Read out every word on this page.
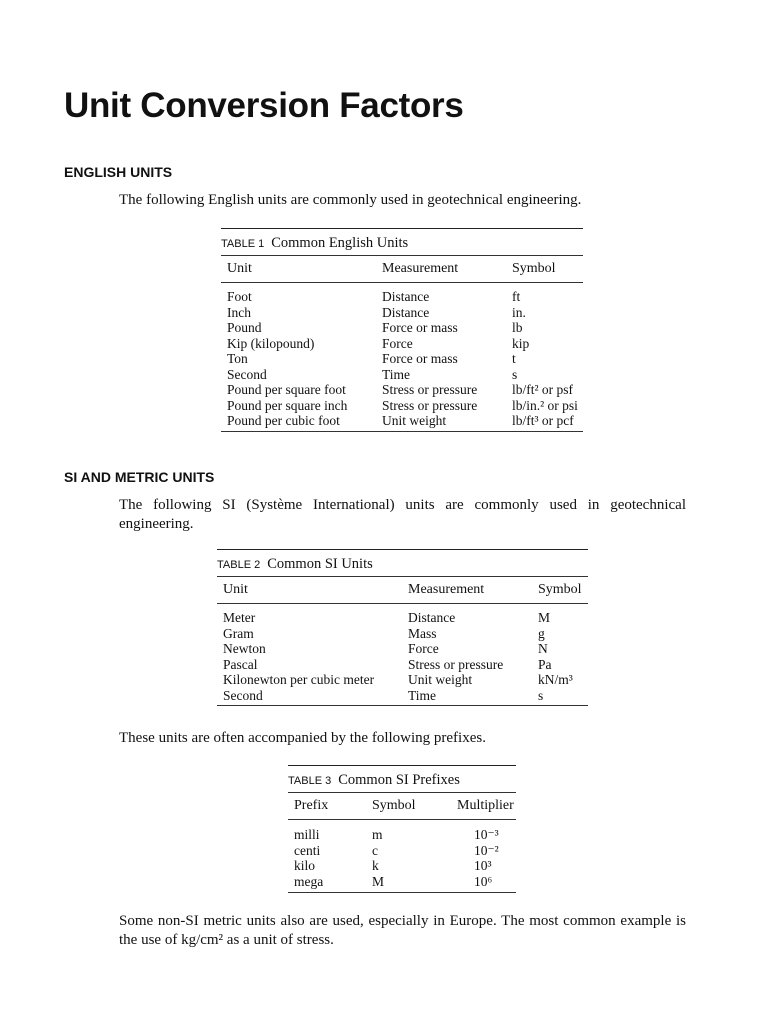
Unit Conversion Factors
ENGLISH UNITS

The following English units are commonly used in geotechnical engineering.

TABLE 1 Common English Units
Unit	Measurement	Symbol
Foot	Distance	ft
Inch	Distance	in.
Pound	Force or mass	lb
Kip (kilopound)	Force	kip
Ton	Force or mass	t
Second	Time	s
Pound per square foot	Stress or pressure	lb/ft² or psf
Pound per square inch	Stress or pressure	lb/in.² or psi
Pound per cubic foot	Unit weight	lb/ft³ or pcf
SI AND METRIC UNITS

The following SI (Système International) units are commonly used in geotechnical engineering.

TABLE 2 Common SI Units
Unit	Measurement	Symbol
Meter	Distance	M
Gram	Mass	g
Newton	Force	N
Pascal	Stress or pressure	Pa
Kilonewton per cubic meter	Unit weight	kN/m³
Second	Time	s

These units are often accompanied by the following prefixes.

TABLE 3 Common SI Prefixes
Prefix	Symbol	Multiplier
milli	m	10⁻³
centi	c	10⁻²
kilo	k	10³
mega	M	10⁶

Some non-SI metric units also are used, especially in Europe. The most common example is the use of kg/cm² as a unit of stress.
